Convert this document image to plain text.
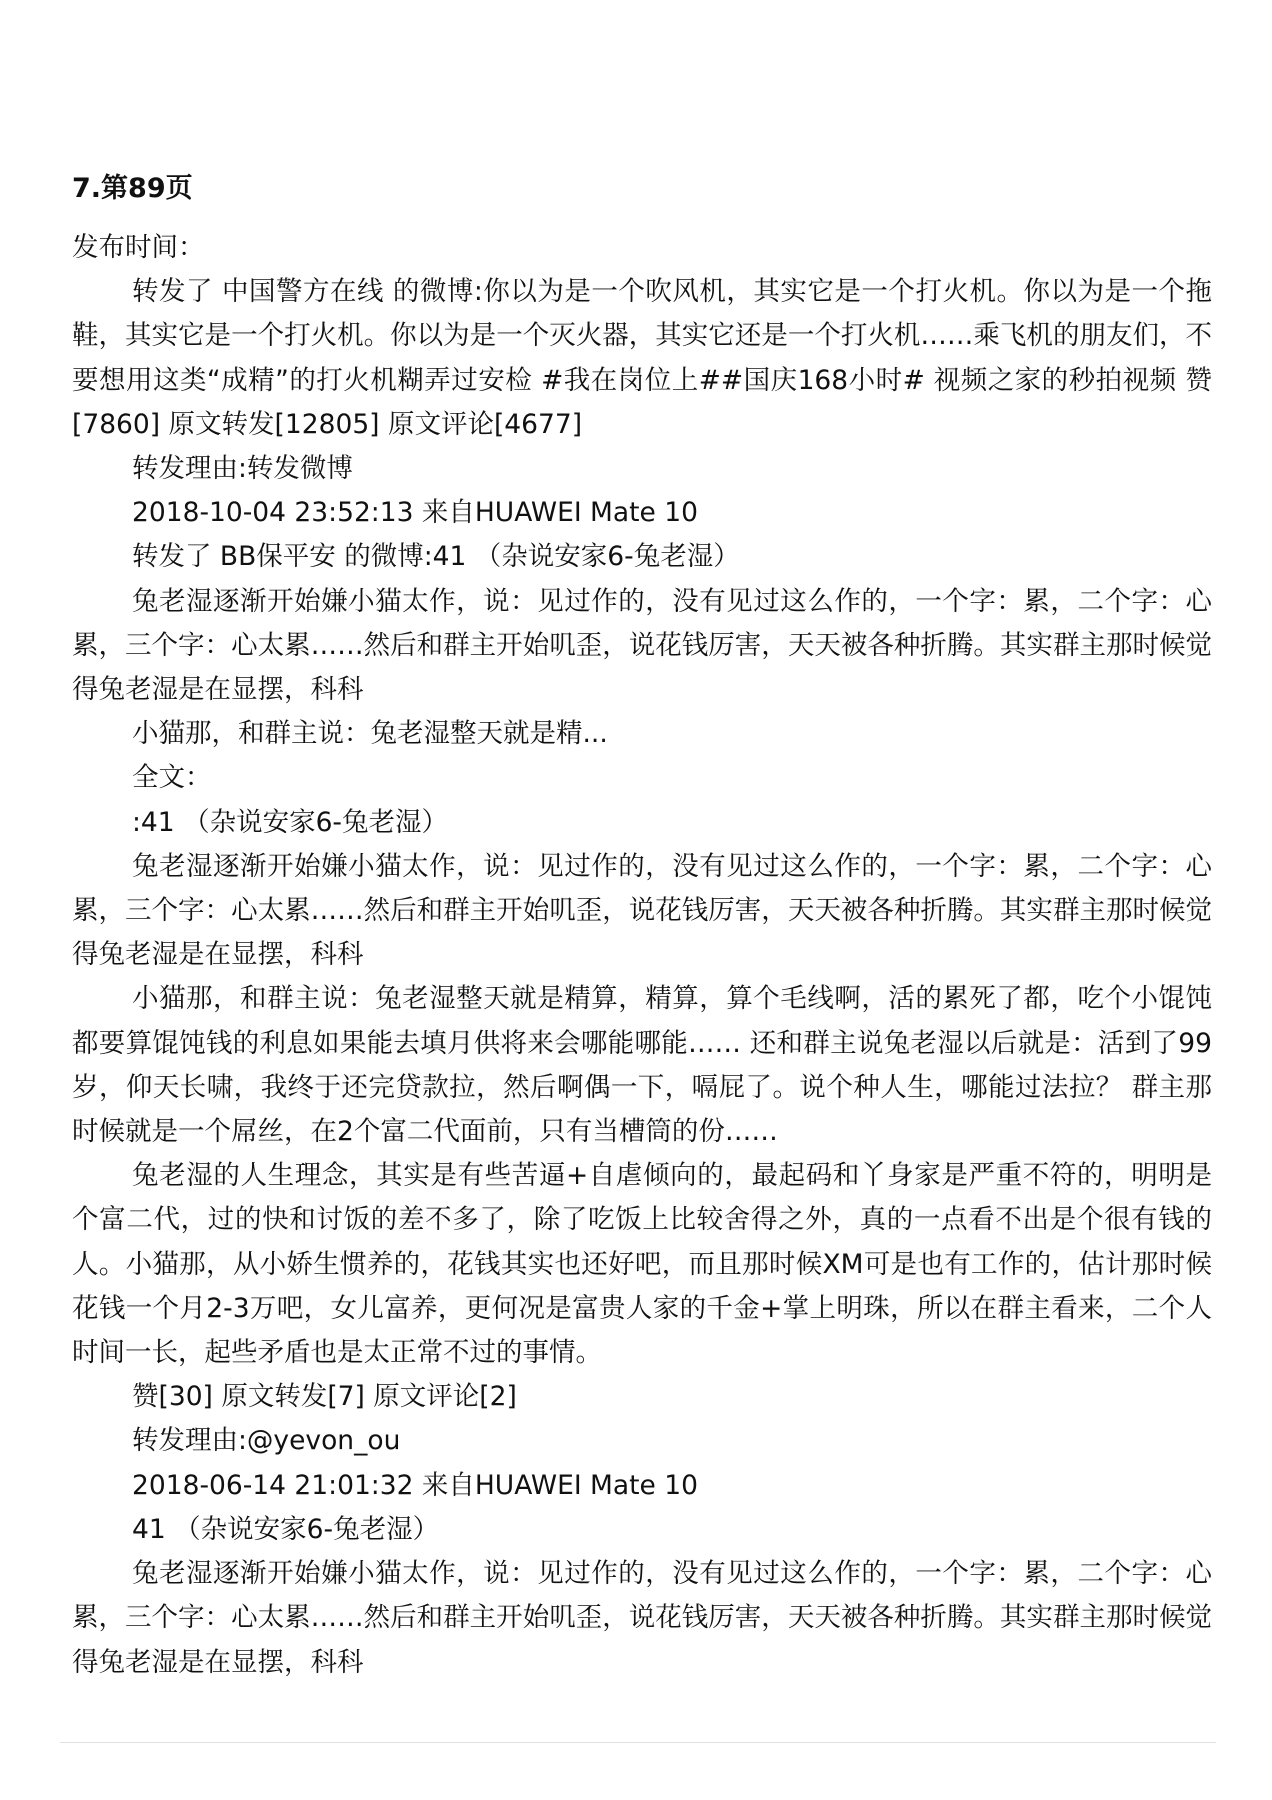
7.第89页

发布时间：

转发了 中国警方在线 的微博:你以为是一个吹风机，其实它是一个打火机。你以为是一个拖鞋，其实它是一个打火机。你以为是一个灭火器，其实它还是一个打火机……乘飞机的朋友们，不要想用这类“成精”的打火机糊弄过安检 #我在岗位上##国庆168小时# 视频之家的秒拍视频 赞[7860] 原文转发[12805] 原文评论[4677]

转发理由:转发微博

2018-10-04 23:52:13 来自HUAWEI Mate 10

转发了 BB保平安 的微博:41 （杂说安家6-兔老湿）

兔老湿逐渐开始嫌小猫太作，说：见过作的，没有见过这么作的，一个字：累，二个字：心累，三个字：心太累……然后和群主开始叽歪，说花钱厉害，天天被各种折腾。其实群主那时候觉得兔老湿是在显摆，科科

小猫那，和群主说：兔老湿整天就是精...

全文：

:41 （杂说安家6-兔老湿）

兔老湿逐渐开始嫌小猫太作，说：见过作的，没有见过这么作的，一个字：累，二个字：心累，三个字：心太累……然后和群主开始叽歪，说花钱厉害，天天被各种折腾。其实群主那时候觉得兔老湿是在显摆，科科

小猫那，和群主说：兔老湿整天就是精算，精算，算个毛线啊，活的累死了都，吃个小馄饨都要算馄饨钱的利息如果能去填月供将来会哪能哪能…… 还和群主说兔老湿以后就是：活到了99岁，仰天长啸，我终于还完贷款拉，然后啊偶一下，嗝屁了。说个种人生，哪能过法拉？ 群主那时候就是一个屌丝，在2个富二代面前，只有当槽筒的份……

兔老湿的人生理念，其实是有些苦逼+自虐倾向的，最起码和丫身家是严重不符的，明明是个富二代，过的快和讨饭的差不多了，除了吃饭上比较舍得之外，真的一点看不出是个很有钱的人。小猫那，从小娇生惯养的，花钱其实也还好吧，而且那时候XM可是也有工作的，估计那时候花钱一个月2-3万吧，女儿富养，更何况是富贵人家的千金+掌上明珠，所以在群主看来，二个人时间一长，起些矛盾也是太正常不过的事情。

赞[30] 原文转发[7] 原文评论[2]

转发理由:@yevon_ou

2018-06-14 21:01:32 来自HUAWEI Mate 10

41 （杂说安家6-兔老湿）

兔老湿逐渐开始嫌小猫太作，说：见过作的，没有见过这么作的，一个字：累，二个字：心累，三个字：心太累……然后和群主开始叽歪，说花钱厉害，天天被各种折腾。其实群主那时候觉得兔老湿是在显摆，科科
